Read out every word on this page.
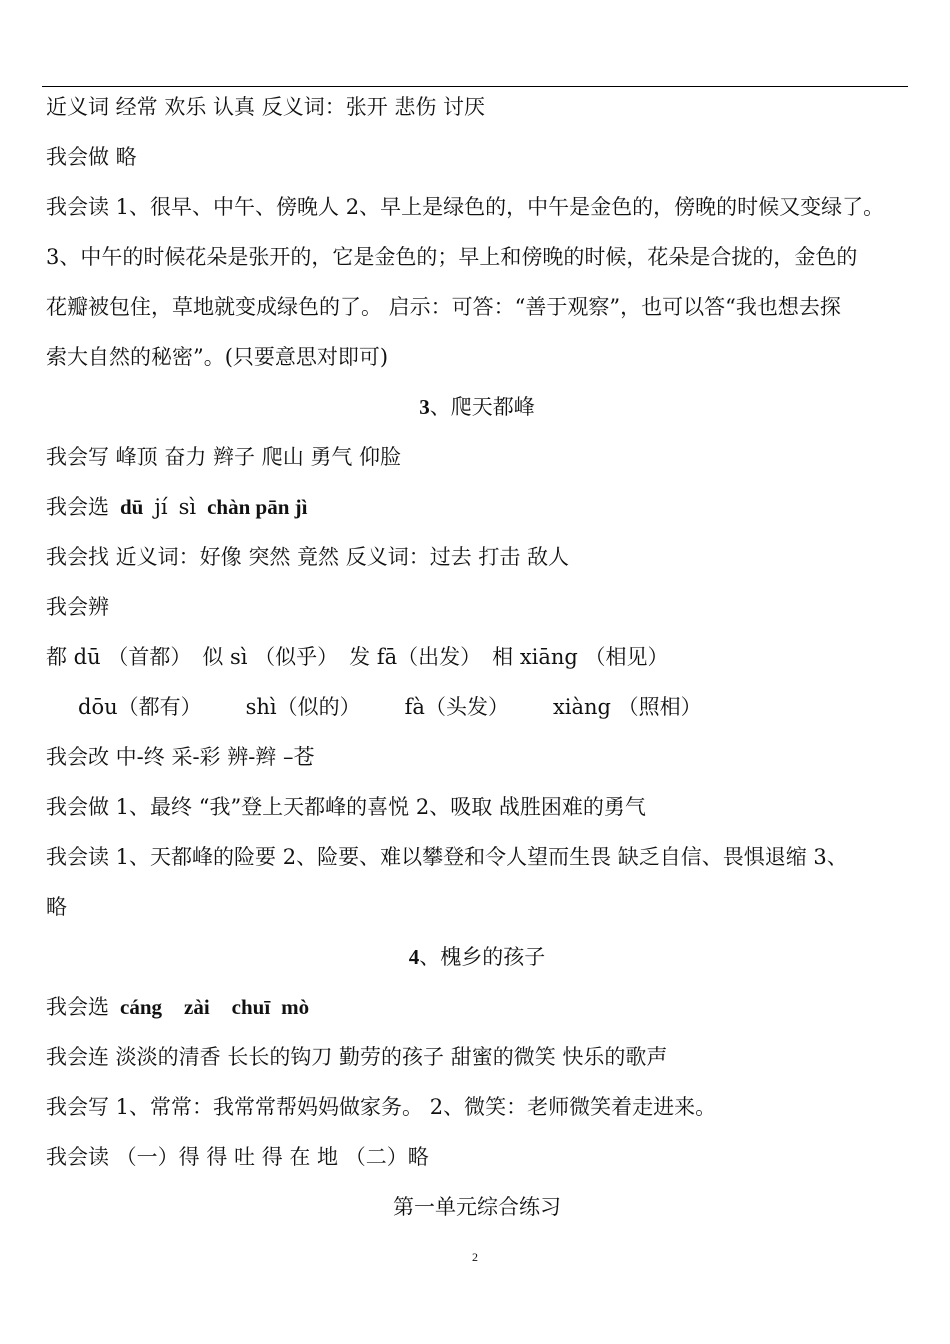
近义词 经常 欢乐 认真 反义词：张开 悲伤 讨厌
我会做 略
我会读 1、很早、中午、傍晚人 2、早上是绿色的，中午是金色的，傍晚的时候又变绿了。
3、中午的时候花朵是张开的，它是金色的；早上和傍晚的时候，花朵是合拢的，金色的
花瓣被包住，草地就变成绿色的了。 启示：可答：“善于观察”，也可以答“我也想去探
索大自然的秘密”。(只要意思对即可)
3、爬天都峰
我会写 峰顶 奋力 辫子 爬山 勇气 仰脸
我会选 dū jí sì chàn pān jì
我会找 近义词：好像 突然 竟然 反义词：过去 打击 敌人
我会辨
都 dū （首都） 似 sì （似乎） 发 fā（出发） 相 xiāng （相见）
dōu（都有） shì（似的） fà（头发） xiàng （照相）
我会改 中-终 采-彩 辨-辫 –苍
我会做 1、最终 “我”登上天都峰的喜悦 2、吸取 战胜困难的勇气
我会读 1、天都峰的险要 2、险要、难以攀登和令人望而生畏 缺乏自信、畏惧退缩 3、
略
4、槐乡的孩子
我会选 cáng zài chuī mò
我会连 淡淡的清香 长长的钩刀 勤劳的孩子 甜蜜的微笑 快乐的歌声
我会写 1、常常：我常常帮妈妈做家务。 2、微笑：老师微笑着走进来。
我会读 （一）得 得 吐 得 在 地 （二）略
第一单元综合练习
2
